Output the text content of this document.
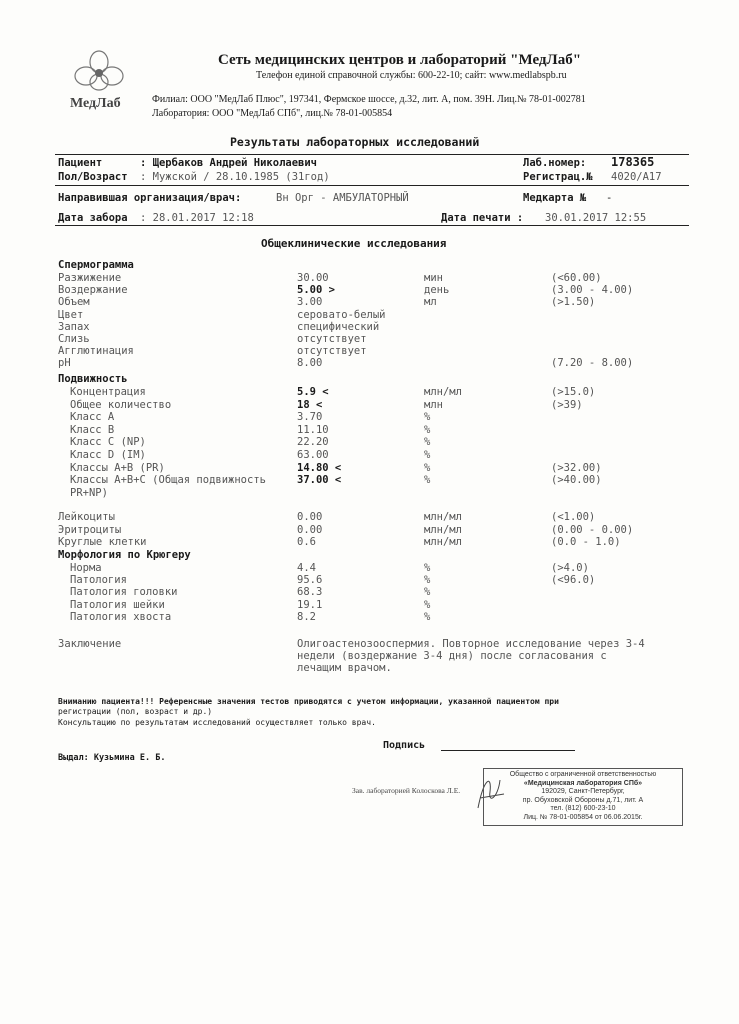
МедЛаб
Сеть медицинских центров и лабораторий "МедЛаб"
Телефон единой справочной службы: 600-22-10; сайт: www.medlabspb.ru
Филиал: ООО "МедЛаб Плюс", 197341, Фермское шоссе, д.32, лит. А, пом. 39Н. Лиц.№ 78-01-002781
Лаборатория: ООО "МедЛаб СПб", лиц.№ 78-01-005854
Результаты лабораторных исследований
Пациент	: Щербаков Андрей Николаевич	Лаб.номер: 178365
Пол/Возраст : Мужской / 28.10.1985 (31год)	Регистрац.№ 4020/А17
Направившая организация/врач:	Вн Орг - АМБУЛАТОРНЫЙ	Медкарта № -
Дата забора : 28.01.2017 12:18	Дата печати : 30.01.2017 12:55
Общеклинические исследования
Спермограмма
Разжижение	30.00	мин	(<60.00)
Воздержание	5.00 >	день	(3.00 - 4.00)
Объем	3.00	мл	(>1.50)
Цвет	серовато-белый
Запах	специфический
Слизь	отсутствует
Агглютинация	отсутствует
pH	8.00	(7.20 - 8.00)
Подвижность
Концентрация	5.9 <	млн/мл	(>15.0)
Общее количество	18 <	млн	(>39)
Класс А	3.70	%
Класс В	11.10	%
Класс С (NP)	22.20	%
Класс D (IM)	63.00	%
Классы А+В (PR)	14.80 <	%	(>32.00)
Классы А+В+С (Общая подвижность	37.00 <	%	(>40.00)
PR+NP)
Лейкоциты	0.00	млн/мл	(<1.00)
Эритроциты	0.00	млн/мл	(0.00 - 0.00)
Круглые клетки	0.6	млн/мл	(0.0 - 1.0)
Морфология по Крюгеру
Норма	4.4	%	(>4.0)
Патология	95.6	%	(<96.0)
Патология головки	68.3	%
Патология шейки	19.1	%
Патология хвоста	8.2	%
Заключение	Олигоастенозооспермия. Повторное исследование через 3-4
недели (воздержание 3-4 дня) после согласования с
лечащим врачом.
Вниманию пациента!!! Референсные значения тестов приводятся с учетом информации, указанной пациентом при
регистрации (пол, возраст и др.)
Консультацию по результатам исследований осуществляет только врач.
Подпись
Выдал: Кузьмина Е. Б.
Зав. лабораторией Колоскова Л.Е.
Общество с ограниченной ответственностью
«Медицинская лаборатория СПб»
192029, Санкт-Петербург,
пр. Обуховской Обороны д.71, лит. А
тел. (812) 600-23-10
Лиц. № 78-01-005854 от 06.06.2015г.
